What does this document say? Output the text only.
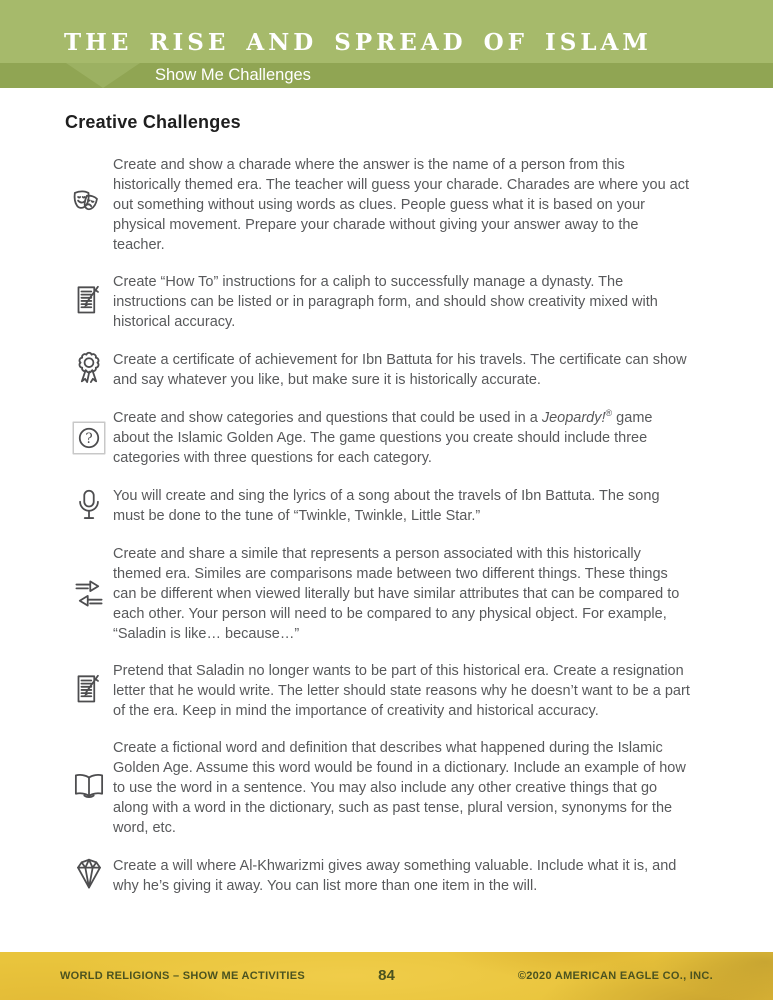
THE RISE AND SPREAD OF ISLAM
Show Me Challenges
Creative Challenges

Create and show a charade where the answer is the name of a person from this historically themed era. The teacher will guess your charade. Charades are where you act out something without using words as clues. People guess what it is based on your physical movement. Prepare your charade without giving your answer away to the teacher.

Create “How To” instructions for a caliph to successfully manage a dynasty. The instructions can be listed or in paragraph form, and should show creativity mixed with historical accuracy.

Create a certificate of achievement for Ibn Battuta for his travels. The certificate can show and say whatever you like, but make sure it is historically accurate.

?

Create and show categories and questions that could be used in a Jeopardy!® game about the Islamic Golden Age. The game questions you create should include three categories with three questions for each category.

You will create and sing the lyrics of a song about the travels of Ibn Battuta. The song must be done to the tune of “Twinkle, Twinkle, Little Star.”

Create and share a simile that represents a person associated with this historically themed era. Similes are comparisons made between two different things. These things can be different when viewed literally but have similar attributes that can be compared to each other. Your person will need to be compared to any physical object. For example, “Saladin is like… because…”

Pretend that Saladin no longer wants to be part of this historical era. Create a resignation letter that he would write. The letter should state reasons why he doesn’t want to be a part of the era. Keep in mind the importance of creativity and historical accuracy.

Create a fictional word and definition that describes what happened during the Islamic Golden Age. Assume this word would be found in a dictionary. Include an example of how to use the word in a sentence. You may also include any other creative things that go along with a word in the dictionary, such as past tense, plural version, synonyms for the word, etc.

Create a will where Al-Khwarizmi gives away something valuable. Include what it is, and why he’s giving it away. You can list more than one item in the will.

WORLD RELIGIONS – SHOW ME ACTIVITIES	84	©2020 AMERICAN EAGLE CO., INC.
